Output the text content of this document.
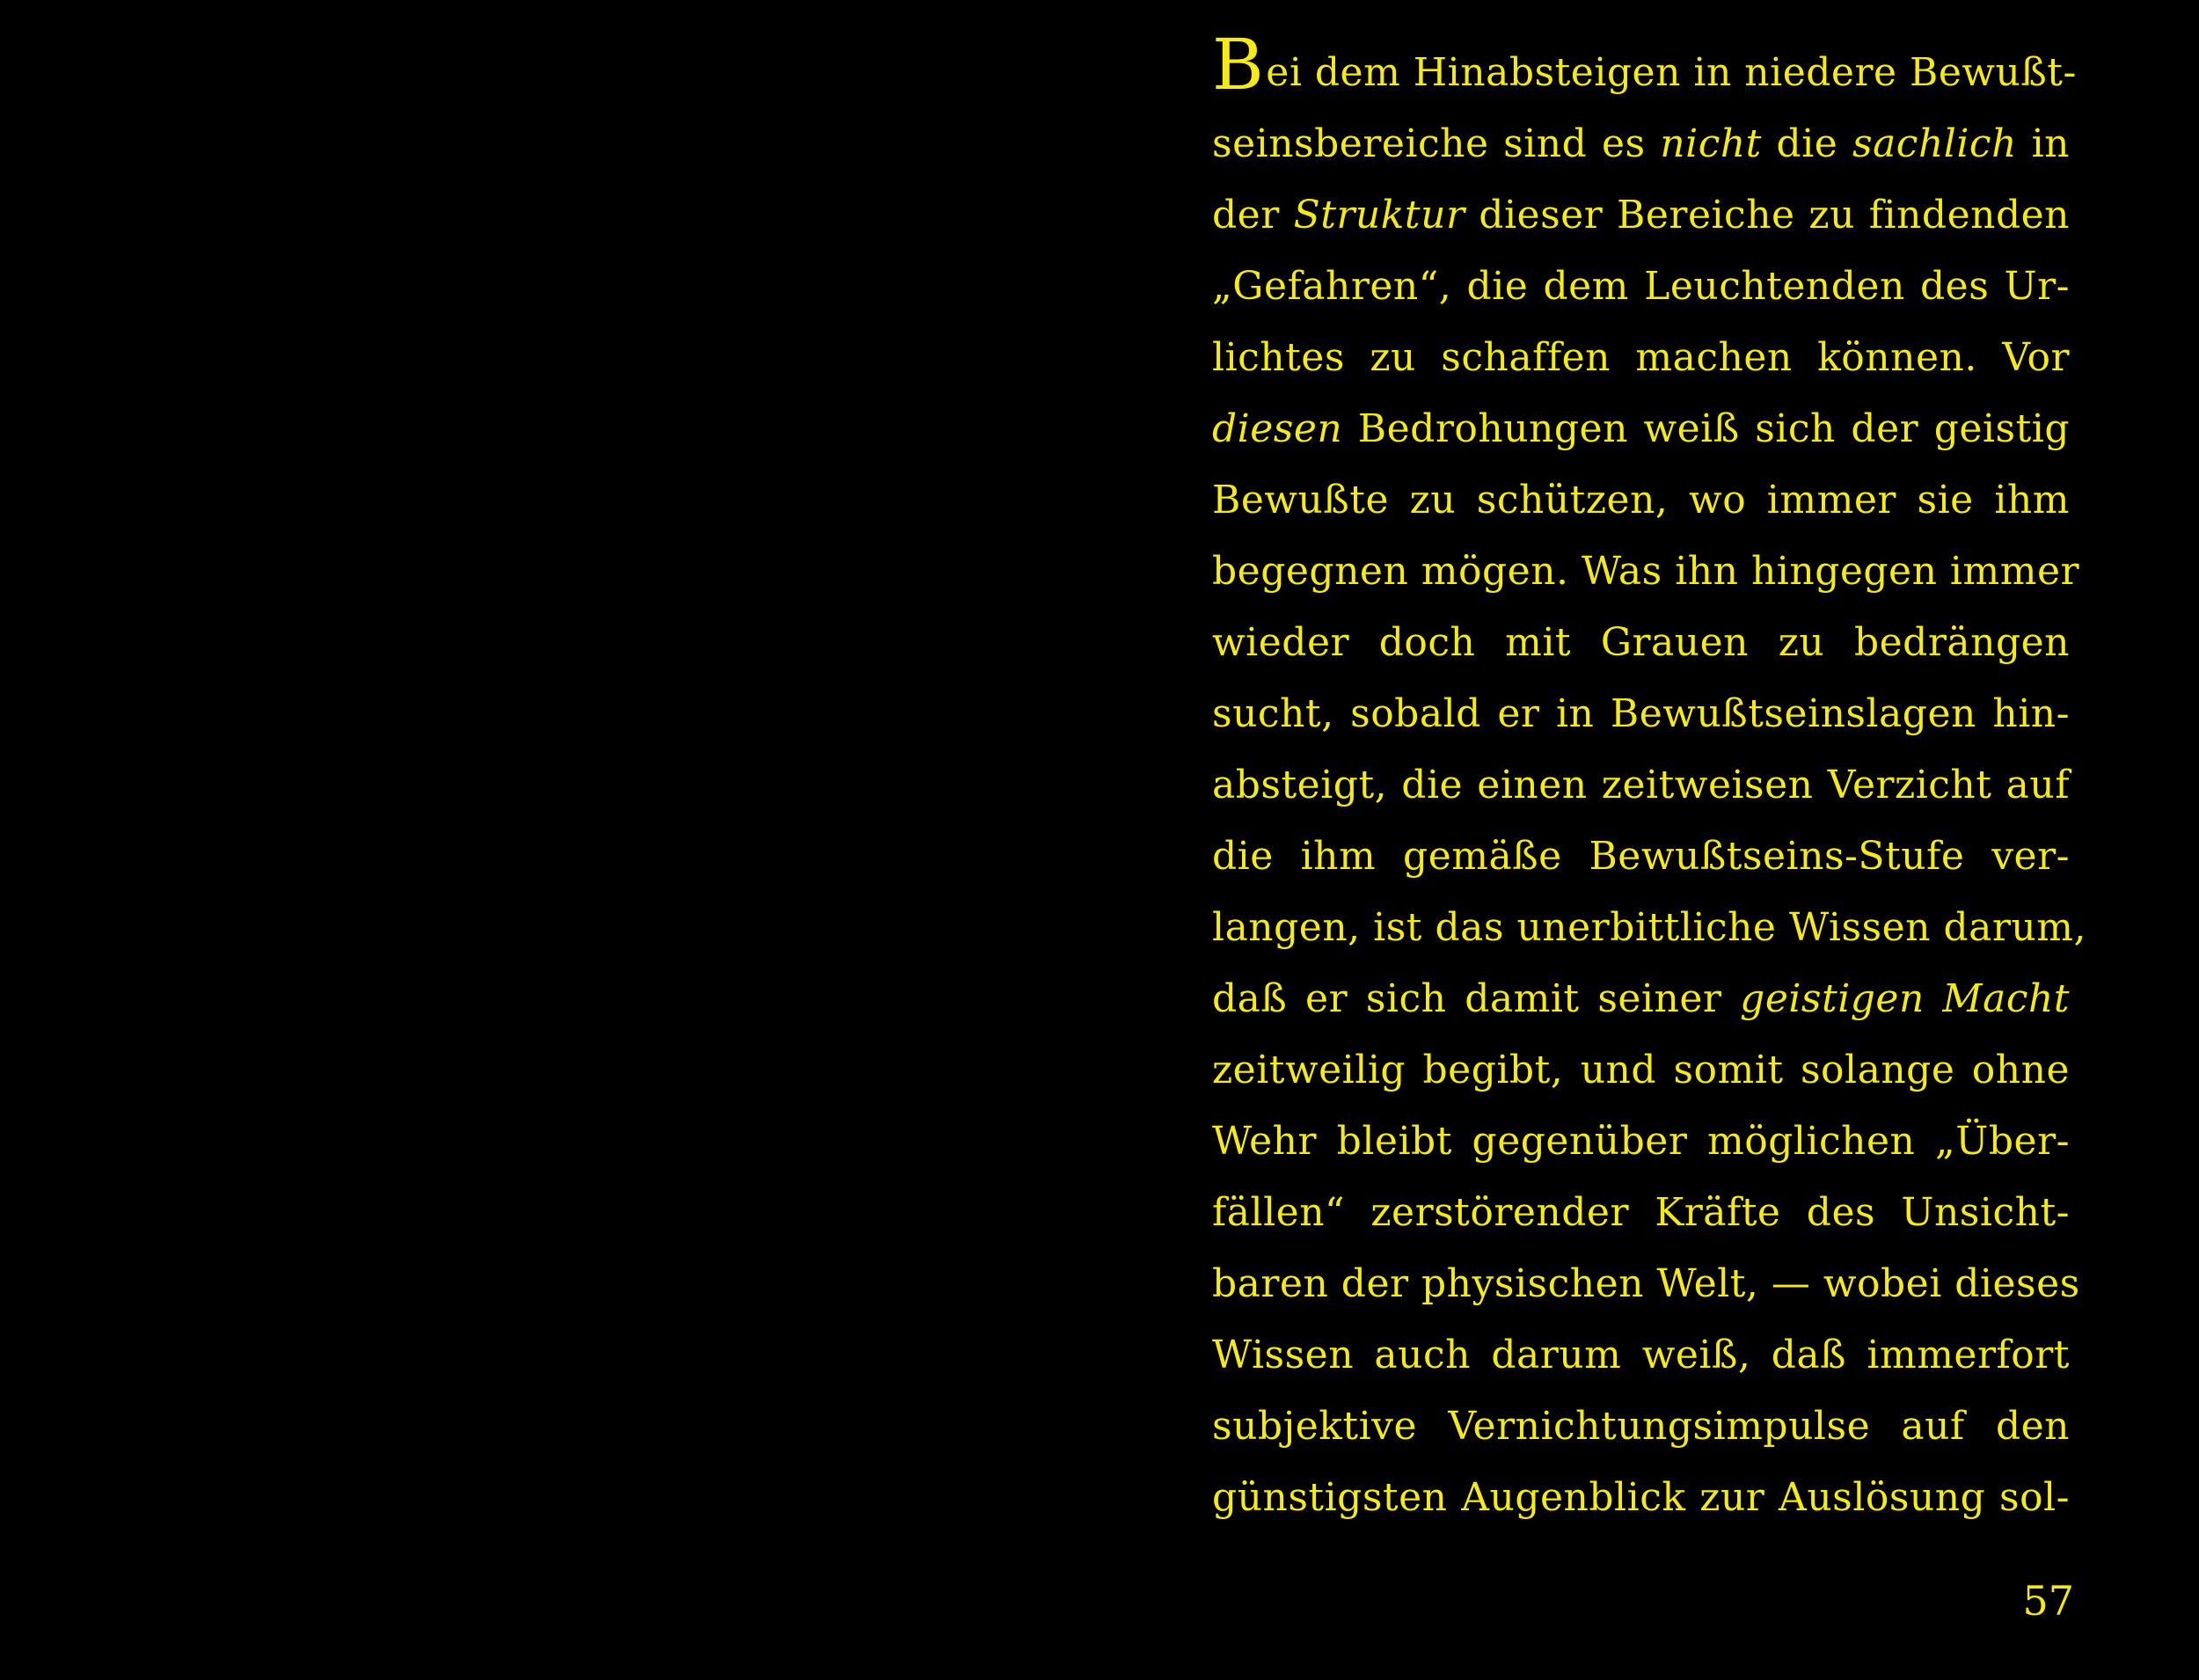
Bei dem Hinabsteigen in niedere Bewußt-
seinsbereiche sind es nicht die sachlich in
der Struktur dieser Bereiche zu findenden
„Gefahren“, die dem Leuchtenden des Ur-
lichtes zu schaffen machen können. Vor
diesen Bedrohungen weiß sich der geistig
Bewußte zu schützen, wo immer sie ihm
begegnen mögen. Was ihn hingegen immer
wieder doch mit Grauen zu bedrängen
sucht, sobald er in Bewußtseinslagen hin-
absteigt, die einen zeitweisen Verzicht auf
die ihm gemäße Bewußtseins-Stufe ver-
langen, ist das unerbittliche Wissen darum,
daß er sich damit seiner geistigen Macht
zeitweilig begibt, und somit solange ohne
Wehr bleibt gegenüber möglichen „Über-
fällen“ zerstörender Kräfte des Unsicht-
baren der physischen Welt, — wobei dieses
Wissen auch darum weiß, daß immerfort
subjektive Vernichtungsimpulse auf den
günstigsten Augenblick zur Auslösung sol-
57
